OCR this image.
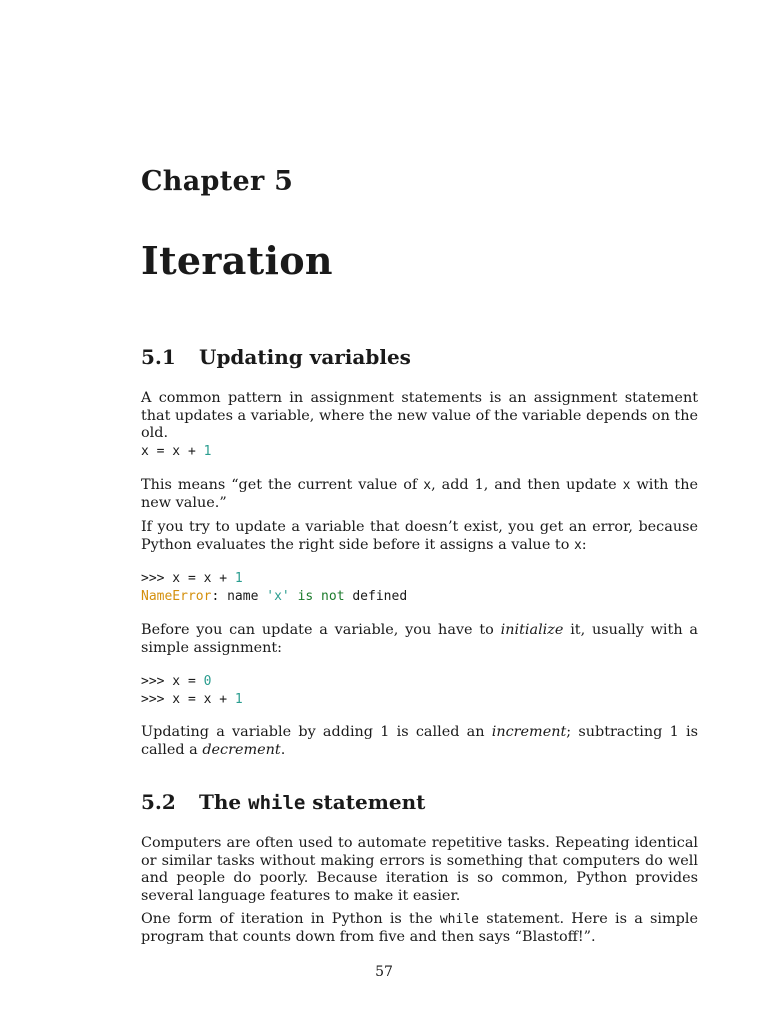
Chapter 5
Iteration
5.1 Updating variables
A common pattern in assignment statements is an assignment statement that updates a variable, where the new value of the variable depends on the old.
x = x + 1
This means “get the current value of x, add 1, and then update x with the new value.”
If you try to update a variable that doesn’t exist, you get an error, because Python evaluates the right side before it assigns a value to x:
>>> x = x + 1
NameError: name 'x' is not defined
Before you can update a variable, you have to initialize it, usually with a simple assignment:
>>> x = 0
>>> x = x + 1
Updating a variable by adding 1 is called an increment; subtracting 1 is called a decrement.
5.2 The while statement
Computers are often used to automate repetitive tasks. Repeating identical or similar tasks without making errors is something that computers do well and people do poorly. Because iteration is so common, Python provides several language features to make it easier.
One form of iteration in Python is the while statement. Here is a simple program that counts down from five and then says “Blastoff!”.
57
